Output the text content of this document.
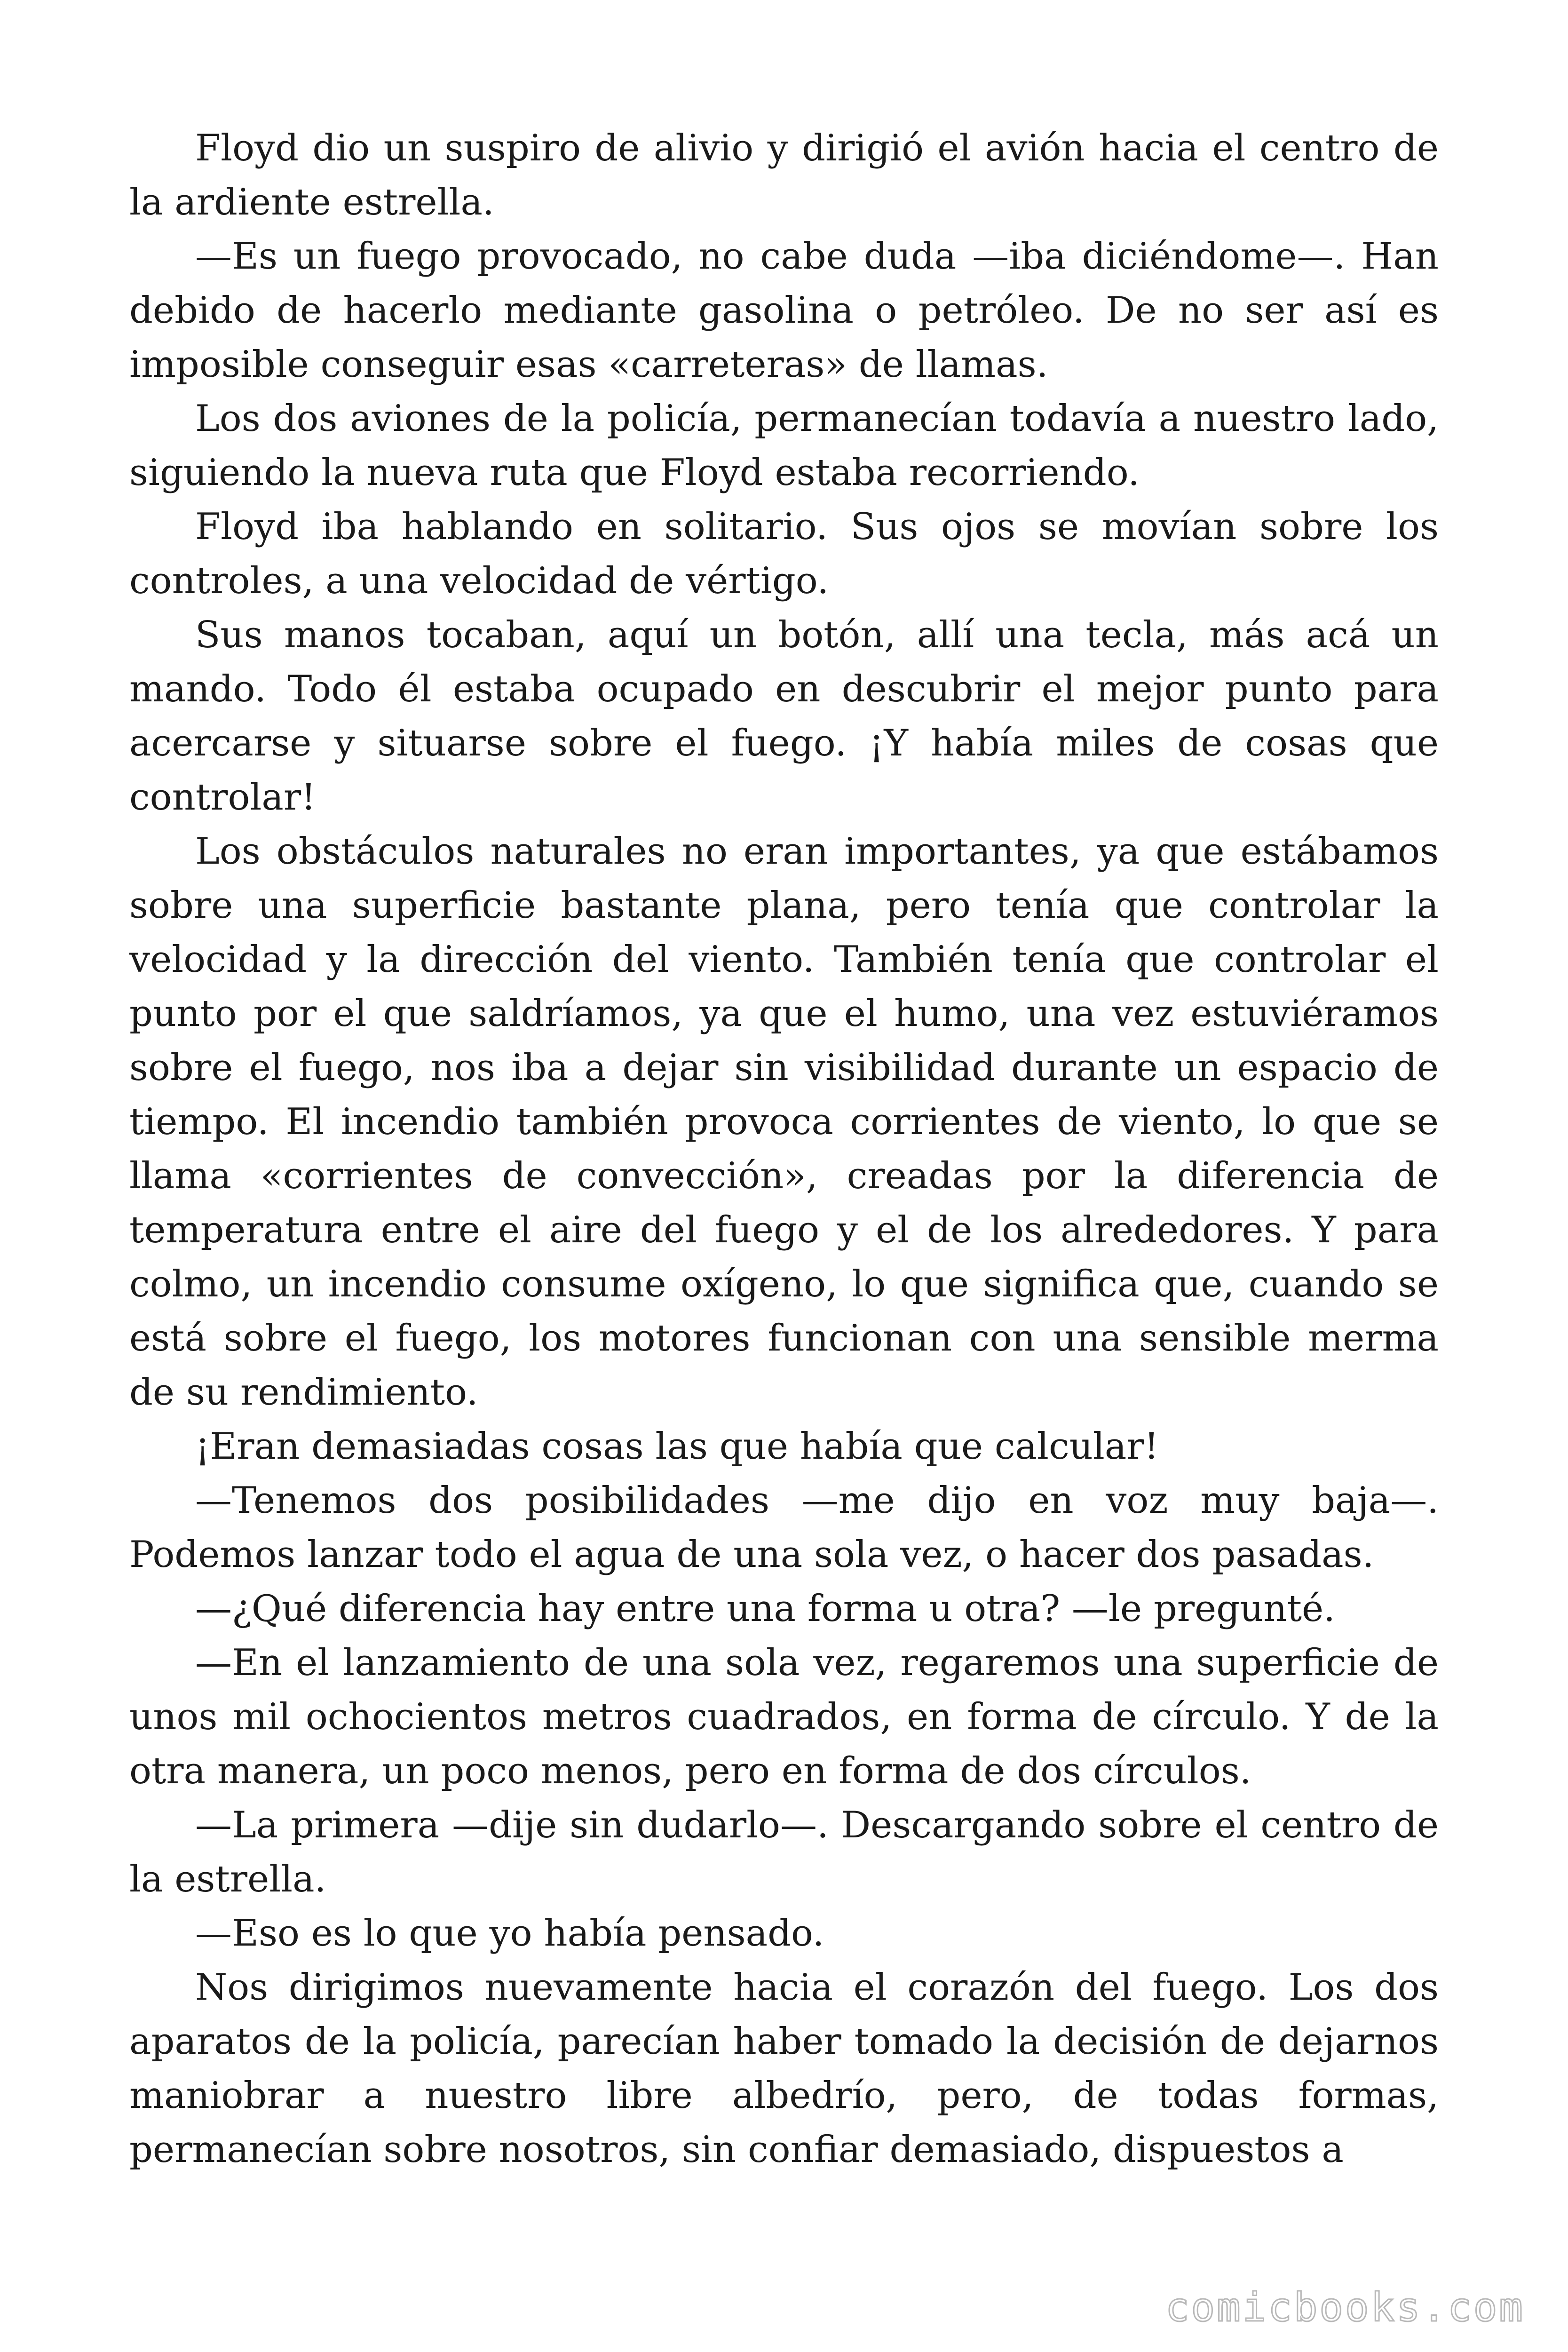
Floyd dio un suspiro de alivio y dirigió el avión hacia el centro de la ardiente estrella.

—Es un fuego provocado, no cabe duda —iba diciéndome—. Han debido de hacerlo mediante gasolina o petróleo. De no ser así es imposible conseguir esas «carreteras» de llamas.

Los dos aviones de la policía, permanecían todavía a nuestro lado, siguiendo la nueva ruta que Floyd estaba recorriendo.

Floyd iba hablando en solitario. Sus ojos se movían sobre los controles, a una velocidad de vértigo.

Sus manos tocaban, aquí un botón, allí una tecla, más acá un mando. Todo él estaba ocupado en descubrir el mejor punto para acercarse y situarse sobre el fuego. ¡Y había miles de cosas que controlar!

Los obstáculos naturales no eran importantes, ya que estábamos sobre una superficie bastante plana, pero tenía que controlar la velocidad y la dirección del viento. También tenía que controlar el punto por el que saldríamos, ya que el humo, una vez estuviéramos sobre el fuego, nos iba a dejar sin visibilidad durante un espacio de tiempo. El incendio también provoca corrientes de viento, lo que se llama «corrientes de convección», creadas por la diferencia de temperatura entre el aire del fuego y el de los alrededores. Y para colmo, un incendio consume oxígeno, lo que significa que, cuando se está sobre el fuego, los motores funcionan con una sensible merma de su rendimiento.

¡Eran demasiadas cosas las que había que calcular!

—Tenemos dos posibilidades —me dijo en voz muy baja—. Podemos lanzar todo el agua de una sola vez, o hacer dos pasadas.

—¿Qué diferencia hay entre una forma u otra? —le pregunté.

—En el lanzamiento de una sola vez, regaremos una superficie de unos mil ochocientos metros cuadrados, en forma de círculo. Y de la otra manera, un poco menos, pero en forma de dos círculos.

—La primera —dije sin dudarlo—. Descargando sobre el centro de la estrella.

—Eso es lo que yo había pensado.

Nos dirigimos nuevamente hacia el corazón del fuego. Los dos aparatos de la policía, parecían haber tomado la decisión de dejarnos maniobrar a nuestro libre albedrío, pero, de todas formas, permanecían sobre nosotros, sin confiar demasiado, dispuestos a

comicbooks.com
